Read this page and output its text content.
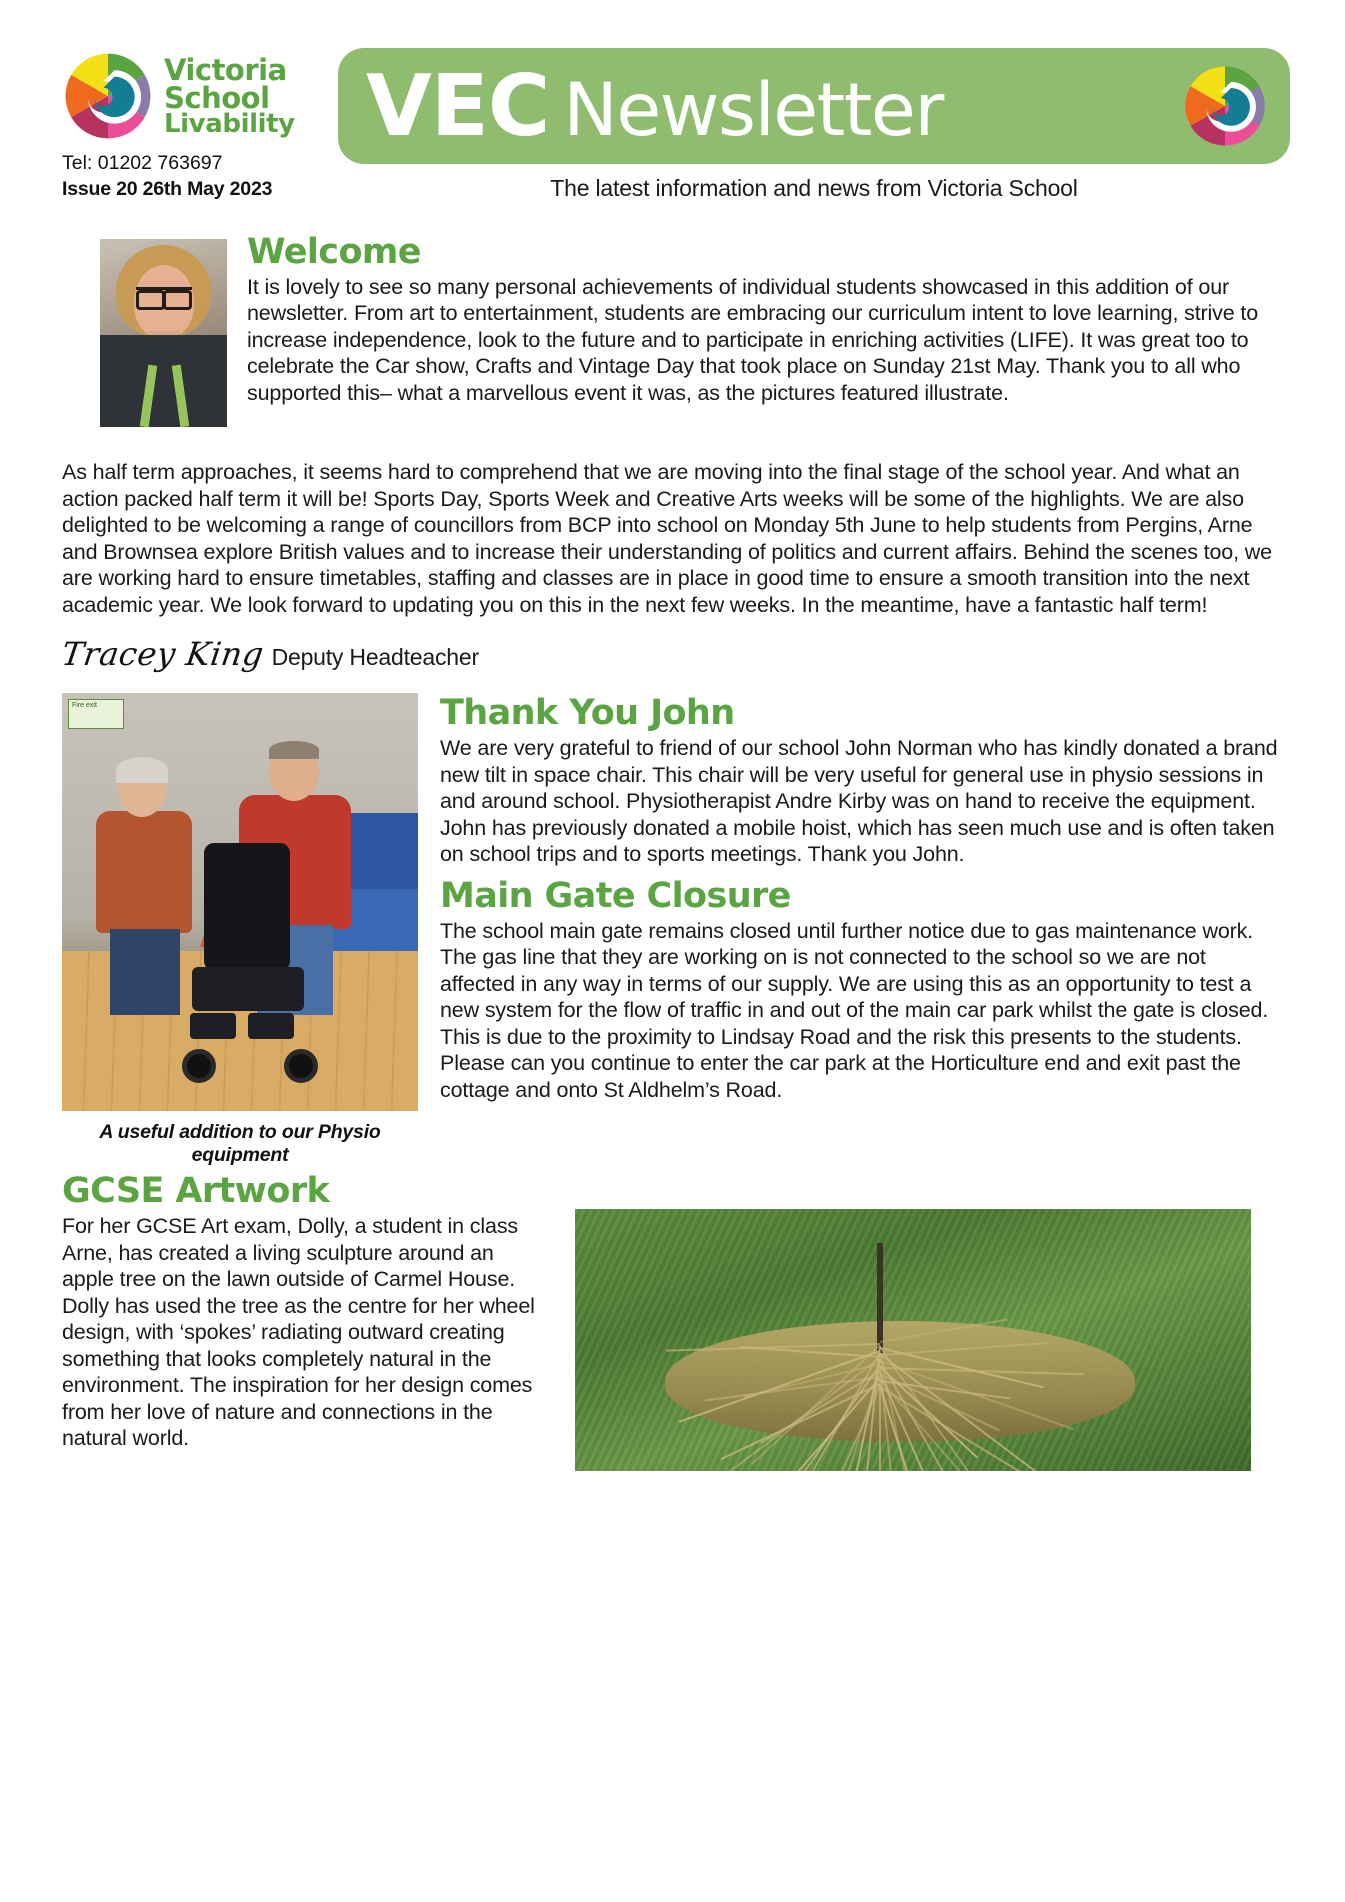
Victoria
School
Livability
Tel: 01202 763697
Issue 20 26th May 2023
VEC Newsletter
The latest information and news from Victoria School
Welcome

It is lovely to see so many personal achievements of individual students showcased in this addition of our newsletter. From art to entertainment, students are embracing our curriculum intent to love learning, strive to increase independence, look to the future and to participate in enriching activities (LIFE). It was great too to celebrate the Car show, Crafts and Vintage Day that took place on Sunday 21st May. Thank you to all who supported this– what a marvellous event it was, as the pictures featured illustrate.

As half term approaches, it seems hard to comprehend that we are moving into the final stage of the school year. And what an action packed half term it will be! Sports Day, Sports Week and Creative Arts weeks will be some of the highlights. We are also delighted to be welcoming a range of councillors from BCP into school on Monday 5th June to help students from Pergins, Arne and Brownsea explore British values and to increase their understanding of politics and current affairs. Behind the scenes too, we are working hard to ensure timetables, staffing and classes are in place in good time to ensure a smooth transition into the next academic year. We look forward to updating you on this in the next few weeks. In the meantime, have a fantastic half term!

Tracey King Deputy Headteacher
Fire exit
A useful addition to our Physio equipment
Thank You John

We are very grateful to friend of our school John Norman who has kindly donated a brand new tilt in space chair. This chair will be very useful for general use in physio sessions in and around school. Physiotherapist Andre Kirby was on hand to receive the equipment. John has previously donated a mobile hoist, which has seen much use and is often taken on school trips and to sports meetings. Thank you John.

Main Gate Closure

The school main gate remains closed until further notice due to gas maintenance work. The gas line that they are working on is not connected to the school so we are not affected in any way in terms of our supply. We are using this as an opportunity to test a new system for the flow of traffic in and out of the main car park whilst the gate is closed. This is due to the proximity to Lindsay Road and the risk this presents to the students. Please can you continue to enter the car park at the Horticulture end and exit past the cottage and onto St Aldhelm’s Road.

GCSE Artwork

For her GCSE Art exam, Dolly, a student in class Arne, has created a living sculpture around an apple tree on the lawn outside of Carmel House. Dolly has used the tree as the centre for her wheel design, with ‘spokes’ radiating outward creating something that looks completely natural in the environment. The inspiration for her design comes from her love of nature and connections in the natural world.
